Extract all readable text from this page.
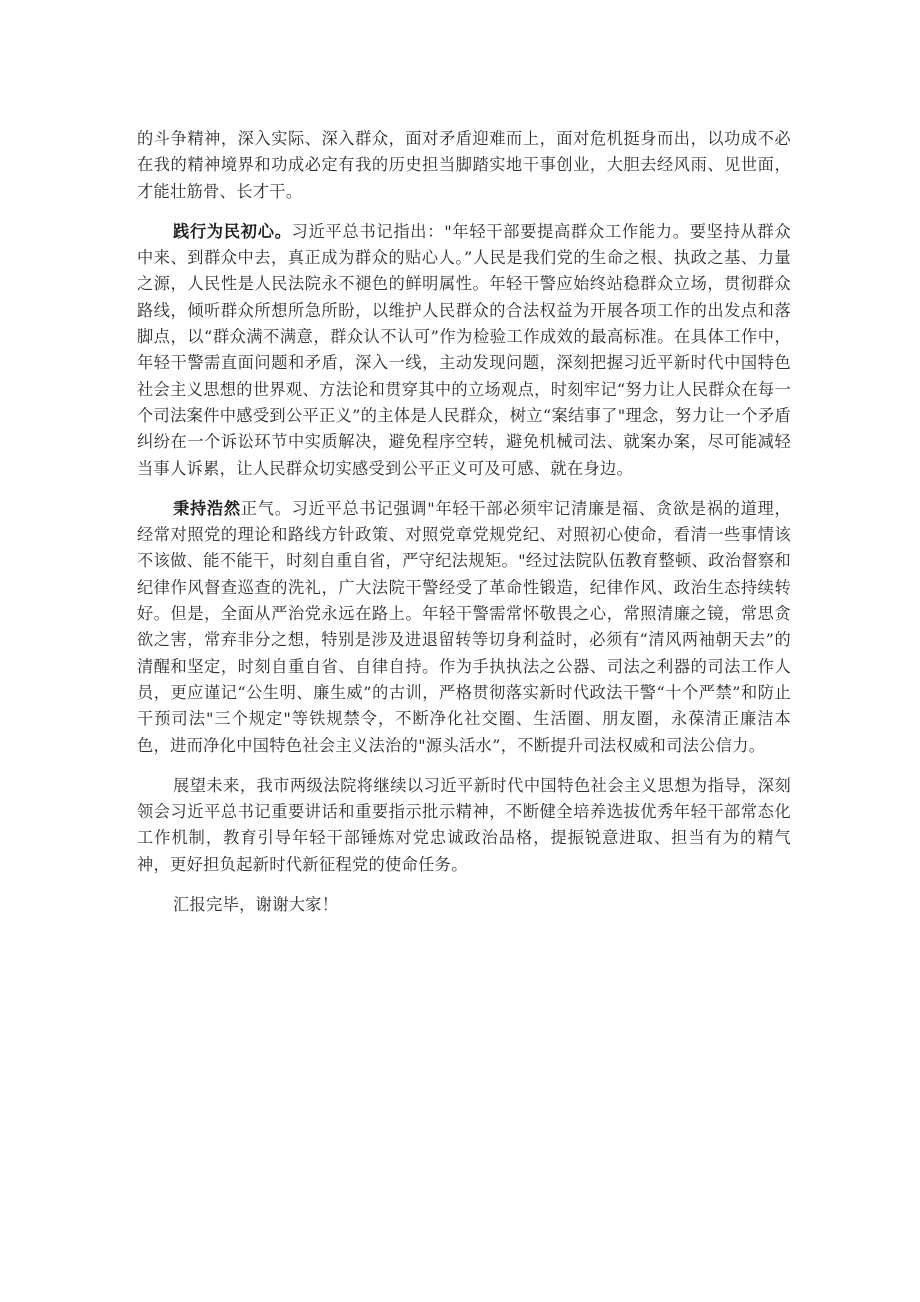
的斗争精神，深入实际、深入群众，面对矛盾迎难而上，面对危机挺身而出，以功成不必在我的精神境界和功成必定有我的历史担当脚踏实地干事创业，大胆去经风雨、见世面，才能壮筋骨、长才干。

践行为民初心。习近平总书记指出："年轻干部要提高群众工作能力。要坚持从群众中来、到群众中去，真正成为群众的贴心人。”人民是我们党的生命之根、执政之基、力量之源，人民性是人民法院永不褪色的鲜明属性。年轻干警应始终站稳群众立场，贯彻群众路线，倾听群众所想所急所盼，以维护人民群众的合法权益为开展各项工作的出发点和落脚点，以“群众满不满意，群众认不认可”作为检验工作成效的最高标准。在具体工作中，年轻干警需直面问题和矛盾，深入一线，主动发现问题，深刻把握习近平新时代中国特色社会主义思想的世界观、方法论和贯穿其中的立场观点，时刻牢记“努力让人民群众在每一个司法案件中感受到公平正义”的主体是人民群众，树立“案结事了"理念，努力让一个矛盾纠纷在一个诉讼环节中实质解决，避免程序空转，避免机械司法、就案办案，尽可能减轻当事人诉累，让人民群众切实感受到公平正义可及可感、就在身边。

秉持浩然正气。习近平总书记强调"年轻干部必须牢记清廉是福、贪欲是祸的道理，经常对照党的理论和路线方针政策、对照党章党规党纪、对照初心使命，看清一些事情该不该做、能不能干，时刻自重自省，严守纪法规矩。"经过法院队伍教育整顿、政治督察和纪律作风督查巡查的洗礼，广大法院干警经受了革命性锻造，纪律作风、政治生态持续转好。但是，全面从严治党永远在路上。年轻干警需常怀敬畏之心，常照清廉之镜，常思贪欲之害，常弃非分之想，特别是涉及进退留转等切身利益时，必须有“清风两袖朝天去”的清醒和坚定，时刻自重自省、自律自持。作为手执执法之公器、司法之利器的司法工作人员，更应谨记“公生明、廉生威”的古训，严格贯彻落实新时代政法干警“十个严禁”和防止干预司法"三个规定"等铁规禁令，不断净化社交圈、生活圈、朋友圈，永葆清正廉洁本色，进而净化中国特色社会主义法治的"源头活水”，不断提升司法权威和司法公信力。

展望未来，我市两级法院将继续以习近平新时代中国特色社会主义思想为指导，深刻领会习近平总书记重要讲话和重要指示批示精神，不断健全培养选拔优秀年轻干部常态化工作机制，教育引导年轻干部锤炼对党忠诚政治品格，提振锐意进取、担当有为的精气神，更好担负起新时代新征程党的使命任务。

汇报完毕，谢谢大家！
